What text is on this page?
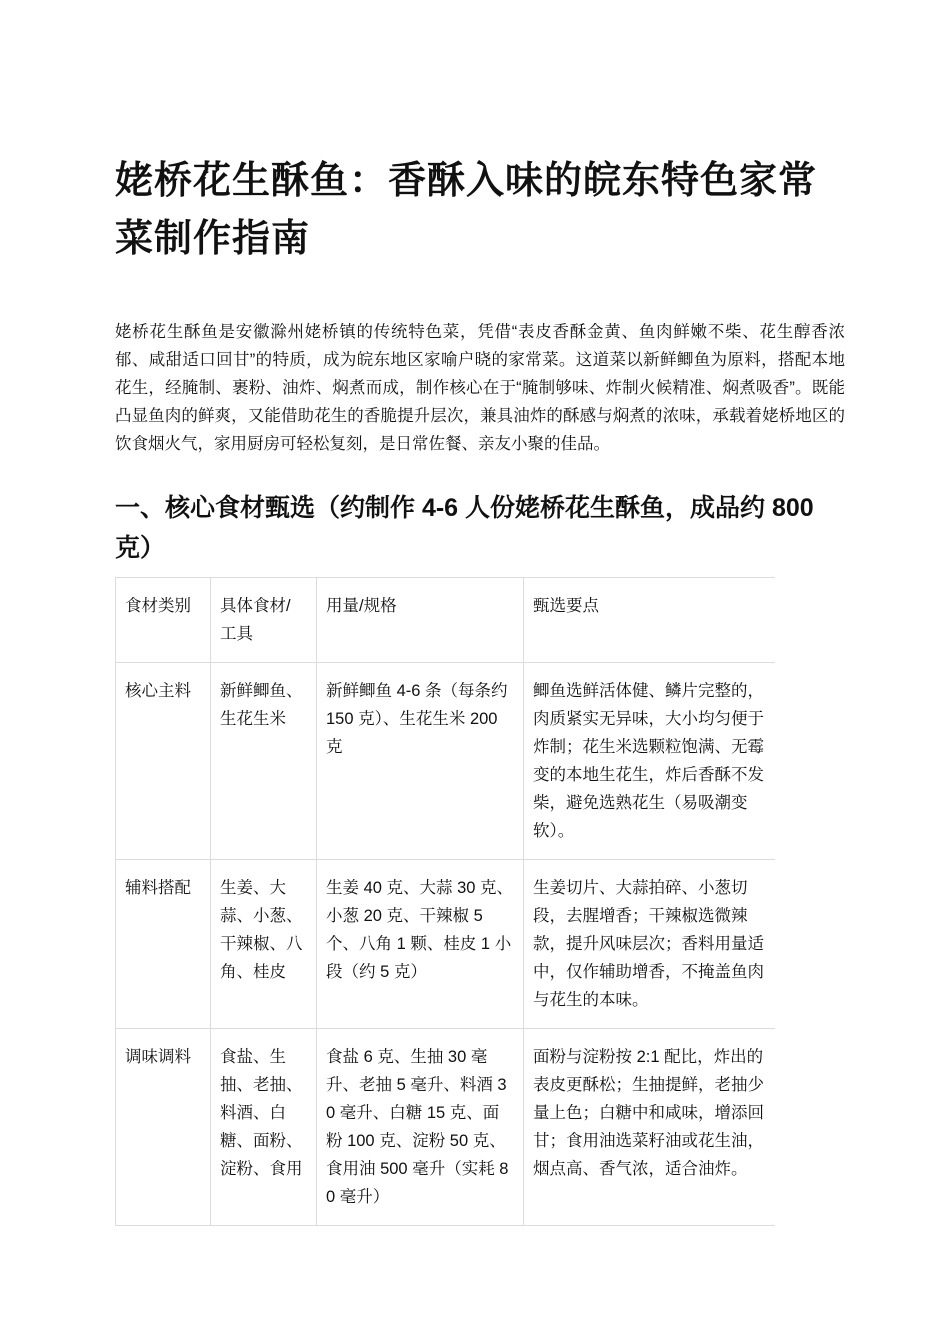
姥桥花生酥鱼：香酥入味的皖东特色家常菜制作指南

姥桥花生酥鱼是安徽滁州姥桥镇的传统特色菜，凭借“表皮香酥金黄、鱼肉鲜嫩不柴、花生醇香浓郁、咸甜适口回甘”的特质，成为皖东地区家喻户晓的家常菜。这道菜以新鲜鲫鱼为原料，搭配本地花生，经腌制、裹粉、油炸、焖煮而成，制作核心在于“腌制够味、炸制火候精准、焖煮吸香”。既能凸显鱼肉的鲜爽，又能借助花生的香脆提升层次，兼具油炸的酥感与焖煮的浓味，承载着姥桥地区的饮食烟火气，家用厨房可轻松复刻，是日常佐餐、亲友小聚的佳品。

一、核心食材甄选（约制作 4-6 人份姥桥花生酥鱼，成品约 800 克）
食材类别	具体食材/工具	用量/规格	甄选要点
核心主料	新鲜鲫鱼、生花生米	新鲜鲫鱼 4-6 条（每条约 150 克）、生花生米 200 克	鲫鱼选鲜活体健、鳞片完整的，肉质紧实无异味，大小均匀便于炸制；花生米选颗粒饱满、无霉变的本地生花生，炸后香酥不发柴，避免选熟花生（易吸潮变软）。
辅料搭配	生姜、大蒜、小葱、干辣椒、八角、桂皮	生姜 40 克、大蒜 30 克、小葱 20 克、干辣椒 5 个、八角 1 颗、桂皮 1 小段（约 5 克）	生姜切片、大蒜拍碎、小葱切段，去腥增香；干辣椒选微辣款，提升风味层次；香料用量适中，仅作辅助增香，不掩盖鱼肉与花生的本味。
调味调料	食盐、生抽、老抽、料酒、白糖、面粉、淀粉、食用	食盐 6 克、生抽 30 毫升、老抽 5 毫升、料酒 30 毫升、白糖 15 克、面粉 100 克、淀粉 50 克、食用油 500 毫升（实耗 80 毫升）	面粉与淀粉按 2:1 配比，炸出的表皮更酥松；生抽提鲜，老抽少量上色；白糖中和咸味，增添回甘；食用油选菜籽油或花生油，烟点高、香气浓，适合油炸。
